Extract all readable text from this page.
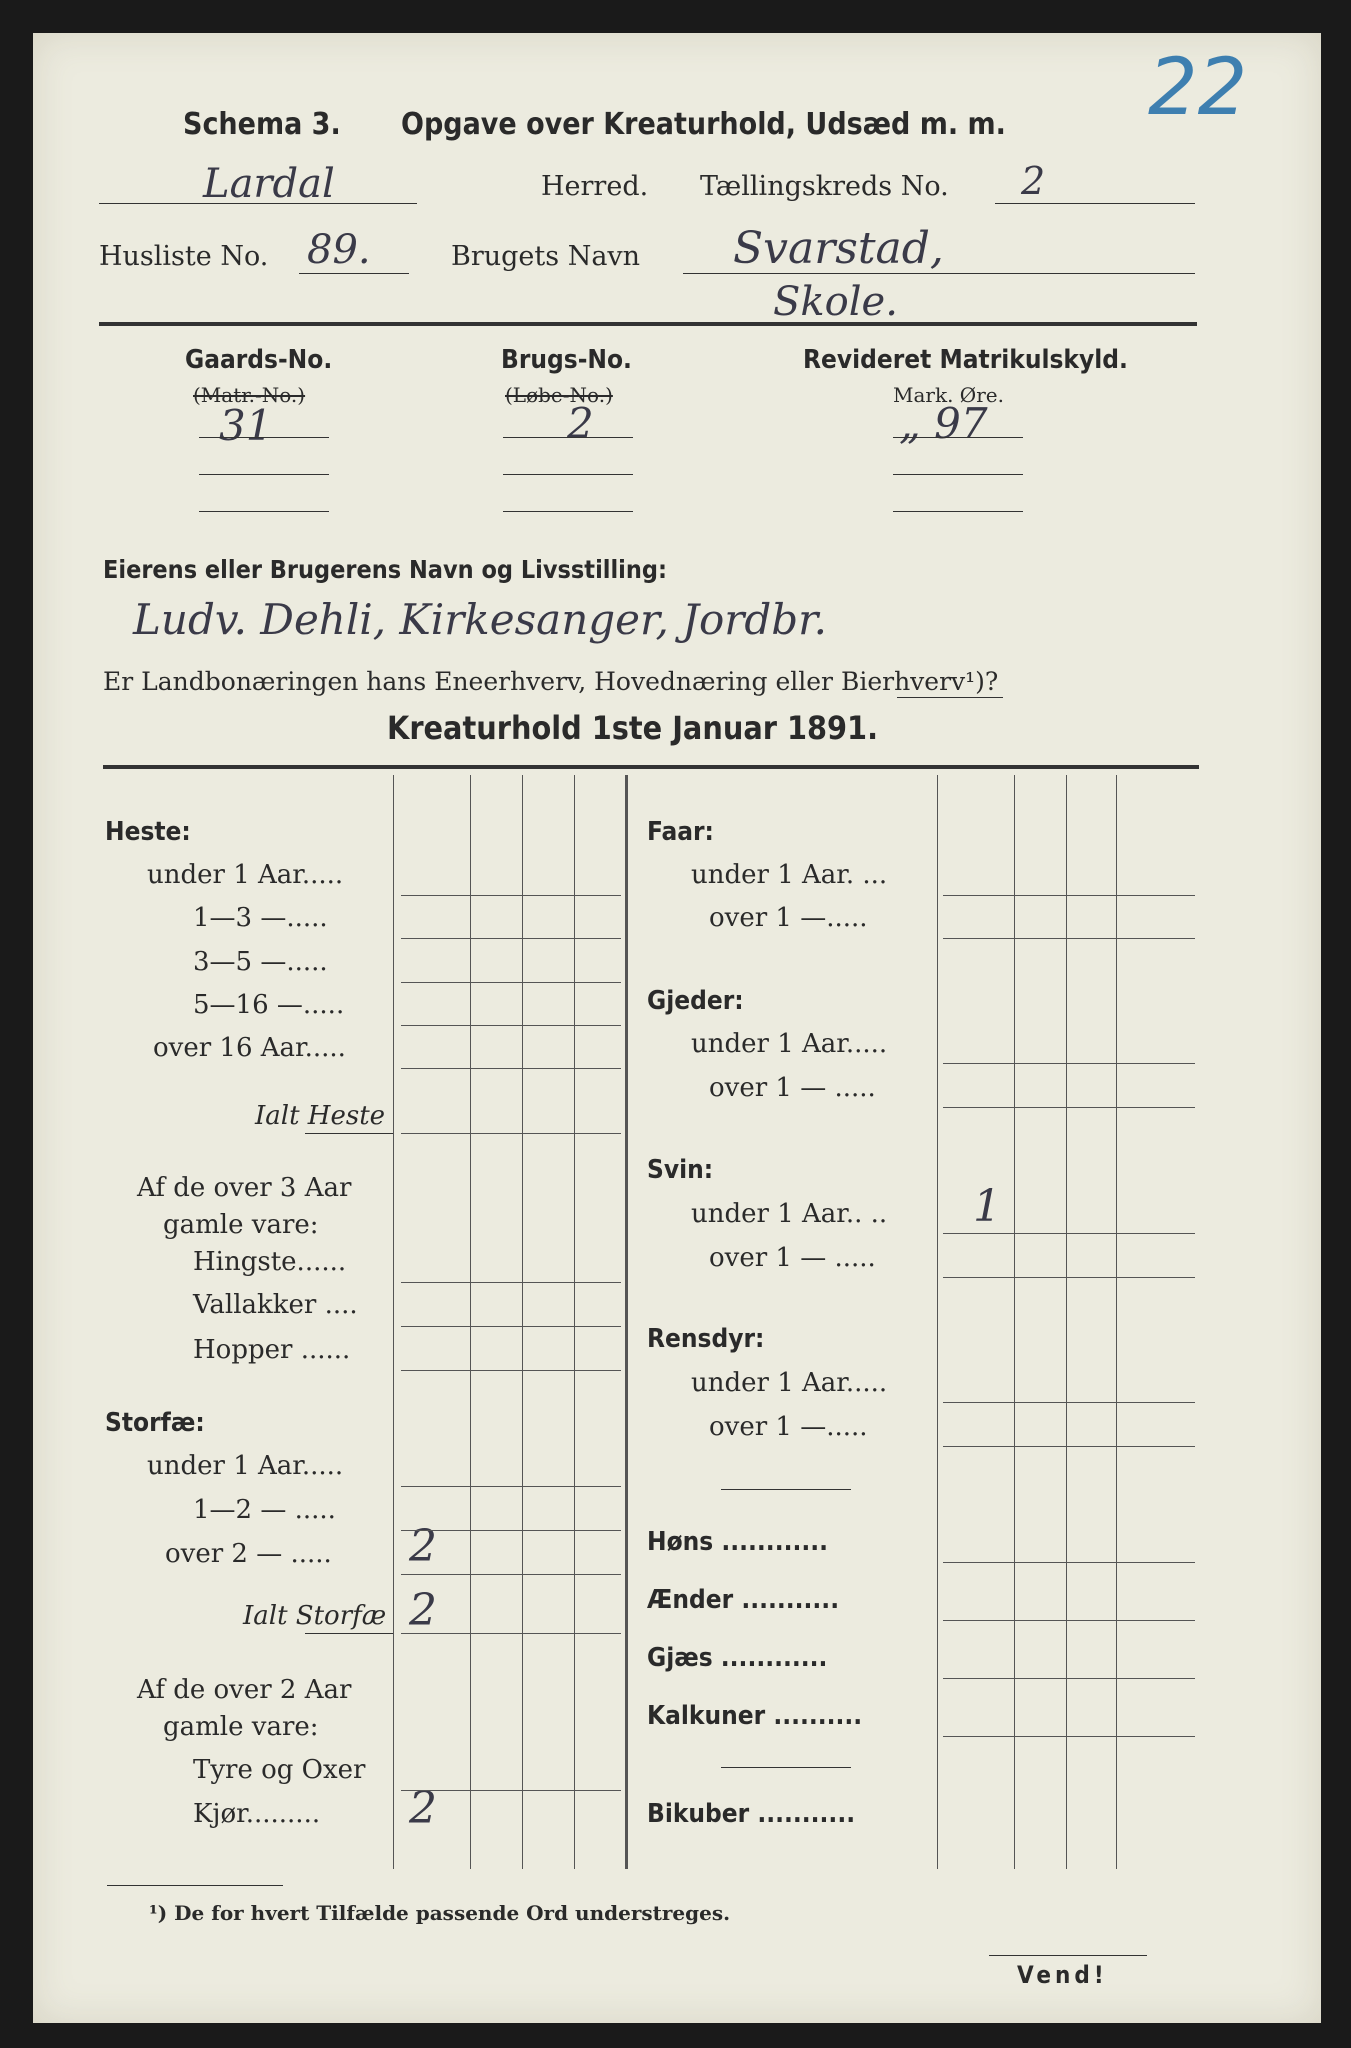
22
Schema 3. Opgave over Kreaturhold, Udsæd m. m.
Lardal	Herred. Tællingskreds No. 2
Husliste No. 89.	Brugets Navn Svarstad,
Skole.
Gaards-No.
(Matr.-No.)
31
Brugs-No.
(Løbe-No.)
2
Revideret Matrikulskyld.
Mark. Øre.
„ 97
Eierens eller Brugerens Navn og Livsstilling:
Ludv. Dehli, Kirkesanger, Jordbr.
Er Landbonæringen hans Eneerhverv, Hovednæring eller Bierhverv¹)?
Kreaturhold 1ste Januar 1891.
Heste:
under 1 Aar.....
1—3 —.....
3—5 —.....
5—16 —.....
over 16 Aar.....
Ialt Heste
Af de over 3 Aar
gamle vare:
Hingste......
Vallakker ....
Hopper ......
Storfæ:
under 1 Aar.....
1—2 — .....
over 2 — ..... 2
Ialt Storfæ 2
Af de over 2 Aar
gamle vare:
Tyre og Oxer
Kjør......... 2
Faar:
under 1 Aar. ...
over 1 —.....
Gjeder:
under 1 Aar.....
over 1 — .....
Svin:
under 1 Aar.. .. 1
over 1 — .....
Rensdyr:
under 1 Aar.....
over 1 —.....
Høns ............
Ænder ...........
Gjæs ............
Kalkuner ..........
Bikuber ...........
¹) De for hvert Tilfælde passende Ord understreges.
Vend!
